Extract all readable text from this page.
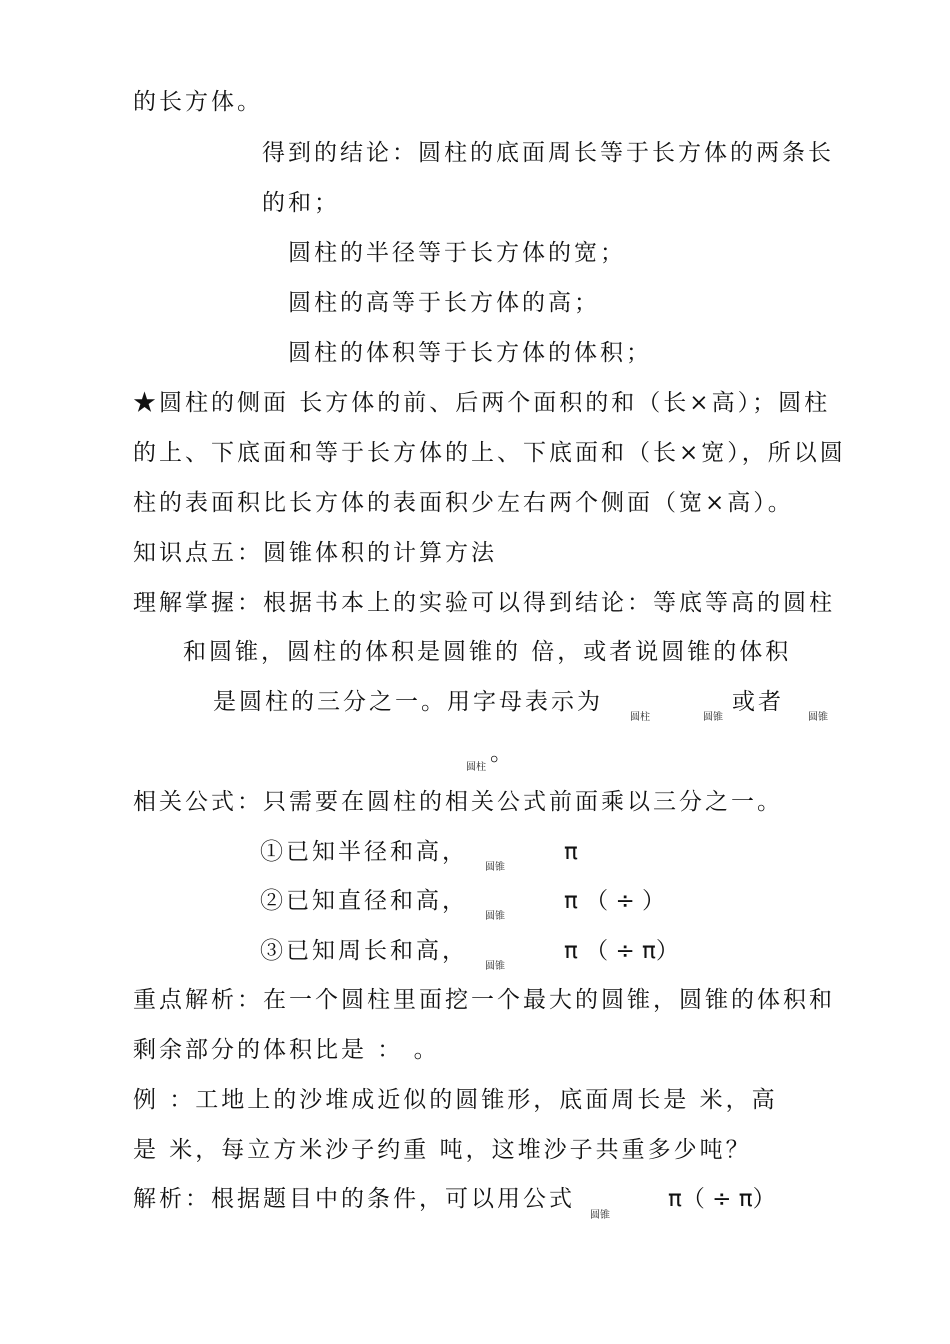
的长方体。
得到的结论：圆柱的底面周长等于长方体的两条长
的和；
圆柱的半径等于长方体的宽；
圆柱的高等于长方体的高；
圆柱的体积等于长方体的体积；
★圆柱的侧面 长方体的前、后两个面积的和（长×高）；圆柱
的上、下底面和等于长方体的上、下底面和（长×宽），所以圆
柱的表面积比长方体的表面积少左右两个侧面（宽×高）。
知识点五：圆锥体积的计算方法
理解掌握：根据书本上的实验可以得到结论：等底等高的圆柱
和圆锥，圆柱的体积是圆锥的 倍，或者说圆锥的体积
是圆柱的三分之一。用字母表示为
圆柱	圆锥
或者
圆锥
圆柱
。
相关公式：只需要在圆柱的相关公式前面乘以三分之一。
①已知半径和高，
圆锥
π
②已知直径和高，
圆锥
π （ ÷ ）
③已知周长和高，
圆锥
π （ ÷ π）
重点解析：在一个圆柱里面挖一个最大的圆锥，圆锥的体积和
剩余部分的体积比是 ： 。
例 ：工地上的沙堆成近似的圆锥形，底面周长是 米，高
是 米，每立方米沙子约重 吨，这堆沙子共重多少吨？
解析：根据题目中的条件，可以用公式
圆锥
π（ ÷ π）
